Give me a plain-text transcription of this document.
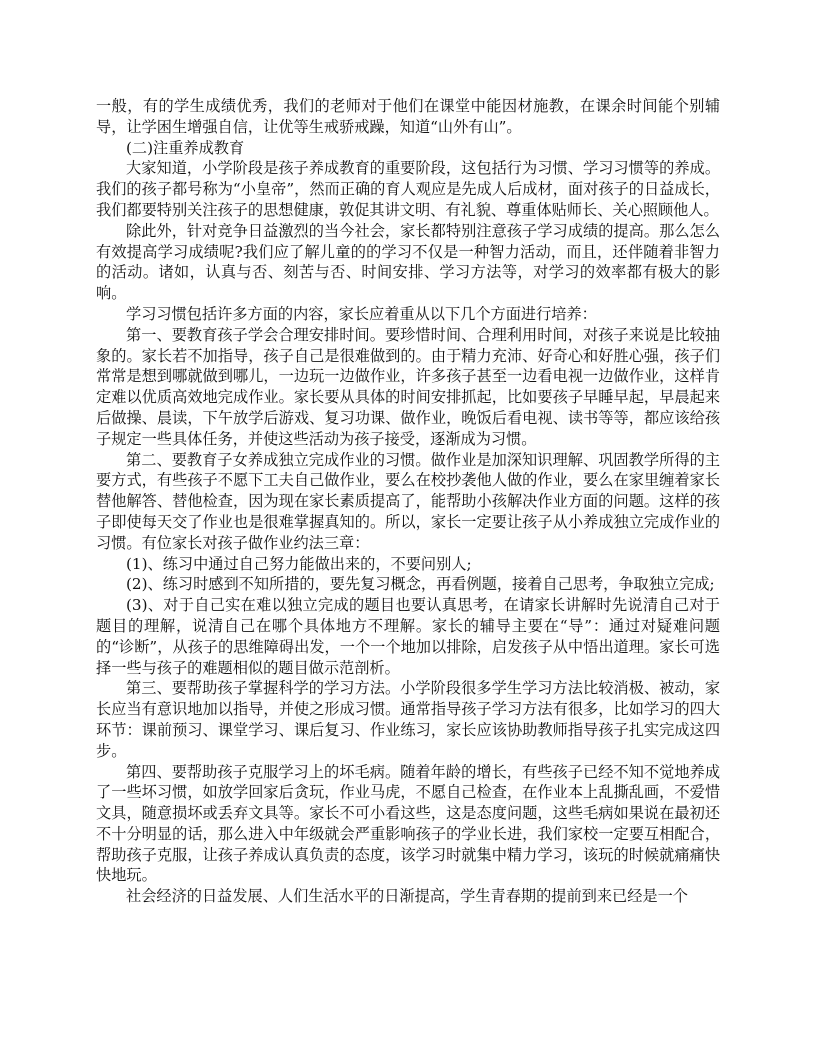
一般，有的学生成绩优秀，我们的老师对于他们在课堂中能因材施教，在课余时间能个别辅导，让学困生增强自信，让优等生戒骄戒躁，知道“山外有山”。

(二)注重养成教育

大家知道，小学阶段是孩子养成教育的重要阶段，这包括行为习惯、学习习惯等的养成。我们的孩子都号称为“小皇帝”，然而正确的育人观应是先成人后成材，面对孩子的日益成长，我们都要特别关注孩子的思想健康，敦促其讲文明、有礼貌、尊重体贴师长、关心照顾他人。

除此外，针对竞争日益激烈的当今社会，家长都特别注意孩子学习成绩的提高。那么怎么有效提高学习成绩呢?我们应了解儿童的的学习不仅是一种智力活动，而且，还伴随着非智力的活动。诸如，认真与否、刻苦与否、时间安排、学习方法等，对学习的效率都有极大的影响。

学习习惯包括许多方面的内容，家长应着重从以下几个方面进行培养：

第一、要教育孩子学会合理安排时间。要珍惜时间、合理利用时间，对孩子来说是比较抽象的。家长若不加指导，孩子自己是很难做到的。由于精力充沛、好奇心和好胜心强，孩子们常常是想到哪就做到哪儿，一边玩一边做作业，许多孩子甚至一边看电视一边做作业，这样肯定难以优质高效地完成作业。家长要从具体的时间安排抓起，比如要孩子早睡早起，早晨起来后做操、晨读，下午放学后游戏、复习功课、做作业，晚饭后看电视、读书等等，都应该给孩子规定一些具体任务，并使这些活动为孩子接受，逐渐成为习惯。

第二、要教育子女养成独立完成作业的习惯。做作业是加深知识理解、巩固教学所得的主要方式，有些孩子不愿下工夫自己做作业，要么在校抄袭他人做的作业，要么在家里缠着家长替他解答、替他检查，因为现在家长素质提高了，能帮助小孩解决作业方面的问题。这样的孩子即使每天交了作业也是很难掌握真知的。所以，家长一定要让孩子从小养成独立完成作业的习惯。有位家长对孩子做作业约法三章：

(1)、练习中通过自己努力能做出来的，不要问别人;

(2)、练习时感到不知所措的，要先复习概念，再看例题，接着自己思考，争取独立完成;

(3)、对于自己实在难以独立完成的题目也要认真思考，在请家长讲解时先说清自己对于题目的理解，说清自己在哪个具体地方不理解。家长的辅导主要在“导”：通过对疑难问题的“诊断”，从孩子的思维障碍出发，一个一个地加以排除，启发孩子从中悟出道理。家长可选择一些与孩子的难题相似的题目做示范剖析。

第三、要帮助孩子掌握科学的学习方法。小学阶段很多学生学习方法比较消极、被动，家长应当有意识地加以指导，并使之形成习惯。通常指导孩子学习方法有很多，比如学习的四大环节：课前预习、课堂学习、课后复习、作业练习，家长应该协助教师指导孩子扎实完成这四步。

第四、要帮助孩子克服学习上的坏毛病。随着年龄的增长，有些孩子已经不知不觉地养成了一些坏习惯，如放学回家后贪玩，作业马虎，不愿自己检查，在作业本上乱撕乱画，不爱惜文具，随意损坏或丢弃文具等。家长不可小看这些，这是态度问题，这些毛病如果说在最初还不十分明显的话，那么进入中年级就会严重影响孩子的学业长进，我们家校一定要互相配合，帮助孩子克服，让孩子养成认真负责的态度，该学习时就集中精力学习，该玩的时候就痛痛快快地玩。

社会经济的日益发展、人们生活水平的日渐提高，学生青春期的提前到来已经是一个
